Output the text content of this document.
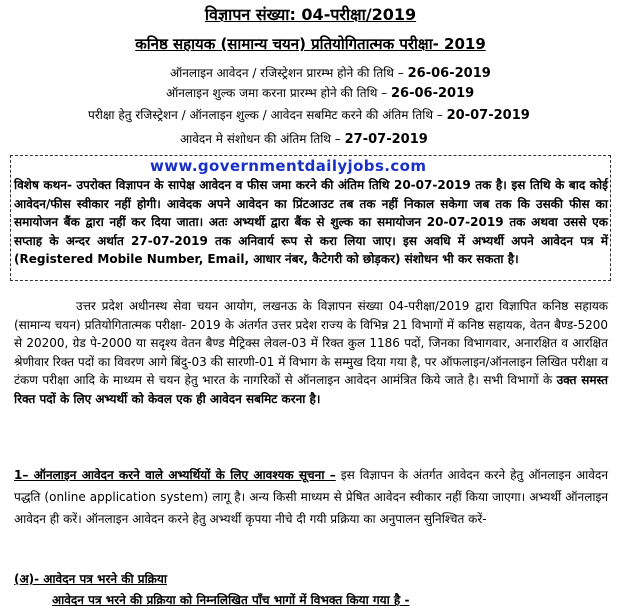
विज्ञापन संख्या: 04-परीक्षा/2019
कनिष्ठ सहायक (सामान्य चयन) प्रतियोगितात्मक परीक्षा- 2019
ऑनलाइन आवेदन / रजिस्ट्रेशन प्रारम्भ होने की तिथि – 26-06-2019
ऑनलाइन शुल्क जमा करना प्रारम्भ होने की तिथि – 26-06-2019
परीक्षा हेतु रजिस्ट्रेशन / ऑनलाइन शुल्क / आवेदन सबमिट करने की अंतिम तिथि – 20-07-2019
आवेदन मे संशोधन की अंतिम तिथि – 27-07-2019
www.governmentdailyjobs.com
विशेष कथन- उपरोक्त विज्ञापन के सापेक्ष आवेदन व फीस जमा करने की अंतिम तिथि 20-07-2019 तक है। इस तिथि के बाद कोई आवेदन/फीस स्वीकार नहीं होगी। आवेदक अपने आवेदन का प्रिंटआउट तब तक नहीं निकाल सकेगा जब तक कि उसकी फीस का समायोजन बैंक द्वारा नहीं कर दिया जाता। अतः अभ्यर्थी द्वारा बैंक से शुल्क का समायोजन 20-07-2019 तक अथवा उससे एक सप्ताह के अन्दर अर्थात 27-07-2019 तक अनिवार्य रूप से करा लिया जाए। इस अवधि में अभ्यर्थी अपने आवेदन पत्र में (Registered Mobile Number, Email, आधार नंबर, कैटेगरी को छोड़कर) संशोधन भी कर सकता है।
उत्तर प्रदेश अधीनस्थ सेवा चयन आयोग, लखनऊ के विज्ञापन संख्या 04-परीक्षा/2019 द्वारा विज्ञापित कनिष्ठ सहायक (सामान्य चयन) प्रतियोगितात्मक परीक्षा- 2019 के अंतर्गत उत्तर प्रदेश राज्य के विभिन्न 21 विभागों में कनिष्ठ सहायक, वेतन बैण्ड-5200 से 20200, ग्रेड पे-2000 या सदृश्य वेतन बैण्ड मैट्रिक्स लेवल-03 में रिक्त कुल 1186 पदों, जिनका विभागवार, अनारक्षित व आरक्षित श्रेणीवार रिक्त पदों का विवरण आगे बिंदु-03 की सारणी-01 में विभाग के सम्मुख दिया गया है, पर ऑफलाइन/ऑनलाइन लिखित परीक्षा व टंकण परीक्षा आदि के माध्यम से चयन हेतु भारत के नागरिकों से ऑनलाइन आवेदन आमंत्रित किये जाते है। सभी विभागों के उक्त समस्त रिक्त पदों के लिए अभ्यर्थी को केवल एक ही आवेदन सबमिट करना है।
1– ऑनलाइन आवेदन करने वाले अभ्यर्थियों के लिए आवश्यक सूचना – इस विज्ञापन के अंतर्गत आवेदन करने हेतु ऑनलाइन आवेदन पद्धति (online application system) लागू है। अन्य किसी माध्यम से प्रेषित आवेदन स्वीकार नहीं किया जाएगा। अभ्यर्थी ऑनलाइन आवेदन ही करें। ऑनलाइन आवेदन करने हेतु अभ्यर्थी कृपया नीचे दी गयी प्रक्रिया का अनुपालन सुनिश्चित करें-
(अ)- आवेदन पत्र भरने की प्रक्रिया
आवेदन पत्र भरने की प्रक्रिया को निम्नलिखित पाँच भागों में विभक्त किया गया है -
